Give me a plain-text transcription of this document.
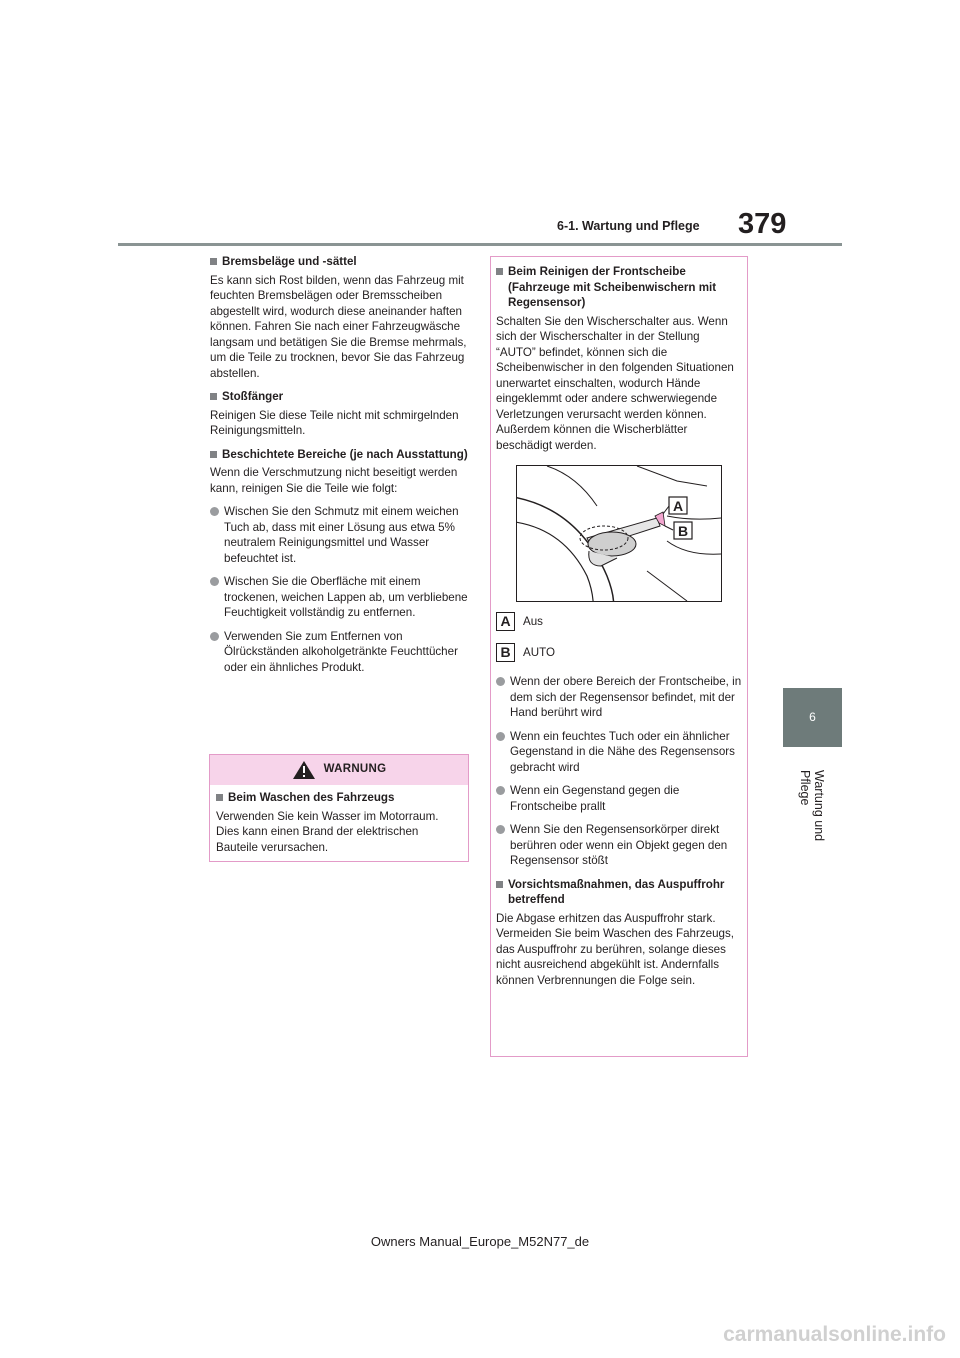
6-1. Wartung und Pflege 379
6
Wartung und Pflege
Bremsbeläge und -sättel
Es kann sich Rost bilden, wenn das Fahrzeug mit feuchten Bremsbelägen oder Bremsscheiben abgestellt wird, wodurch diese aneinander haften können. Fahren Sie nach einer Fahrzeugwäsche langsam und betätigen Sie die Bremse mehrmals, um die Teile zu trocknen, bevor Sie das Fahrzeug abstellen.
Stoßfänger
Reinigen Sie diese Teile nicht mit schmirgelnden Reinigungsmitteln.
Beschichtete Bereiche (je nach Ausstattung)
Wenn die Verschmutzung nicht beseitigt werden kann, reinigen Sie die Teile wie folgt:
Wischen Sie den Schmutz mit einem weichen Tuch ab, dass mit einer Lösung aus etwa 5% neutralem Reinigungsmittel und Wasser befeuchtet ist.
Wischen Sie die Oberfläche mit einem trockenen, weichen Lappen ab, um verbliebene Feuchtigkeit vollständig zu entfernen.
Verwenden Sie zum Entfernen von Ölrückständen alkoholgetränkte Feuchttücher oder ein ähnliches Produkt.
WARNUNG
Beim Waschen des Fahrzeugs
Verwenden Sie kein Wasser im Motorraum. Dies kann einen Brand der elektrischen Bauteile verursachen.
Beim Reinigen der Frontscheibe (Fahrzeuge mit Scheibenwischern mit Regensensor)
Schalten Sie den Wischerschalter aus. Wenn sich der Wischerschalter in der Stellung “AUTO” befindet, können sich die Scheibenwischer in den folgenden Situationen unerwartet einschalten, wodurch Hände eingeklemmt oder andere schwerwiegende Verletzungen verursacht werden können. Außerdem können die Wischerblätter beschädigt werden.
A
B
A	Aus
B	AUTO
Wenn der obere Bereich der Frontscheibe, in dem sich der Regensensor befindet, mit der Hand berührt wird
Wenn ein feuchtes Tuch oder ein ähnlicher Gegenstand in die Nähe des Regensensors gebracht wird
Wenn ein Gegenstand gegen die Frontscheibe prallt
Wenn Sie den Regensensorkörper direkt berühren oder wenn ein Objekt gegen den Regensensor stößt
Vorsichtsmaßnahmen, das Auspuffrohr betreffend
Die Abgase erhitzen das Auspuffrohr stark. Vermeiden Sie beim Waschen des Fahrzeugs, das Auspuffrohr zu berühren, solange dieses nicht ausreichend abgekühlt ist. Andernfalls können Verbrennungen die Folge sein.
Owners Manual_Europe_M52N77_de
carmanualsonline.info
